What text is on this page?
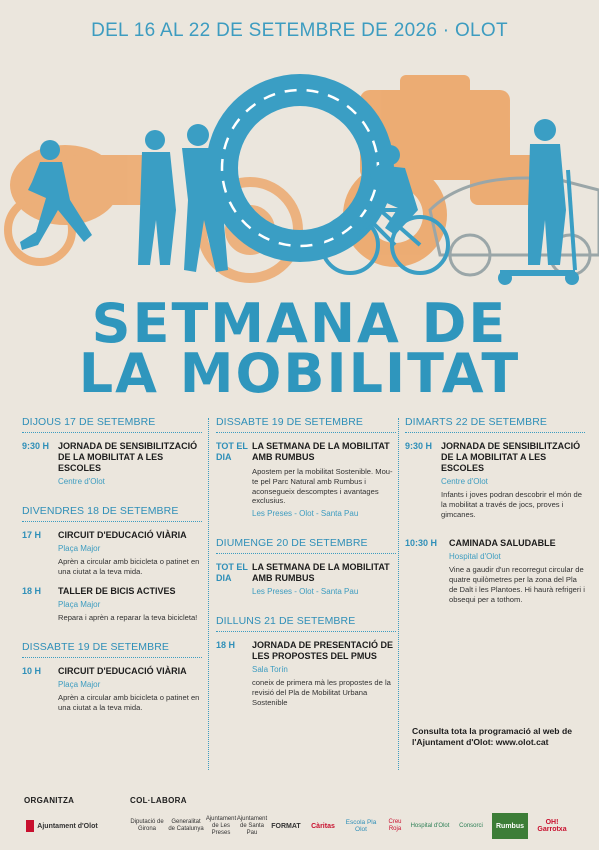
DEL 16 AL 22 DE SETEMBRE DE 2026 · OLOT
SETMANA DE
LA MOBILITAT
DIJOUS 17 DE SETEMBRE
9:30 H JORNADA DE SENSIBILITZACIÓ DE LA MOBILITAT A LES ESCOLES
Centre d'Olot
DIVENDRES 18 DE SETEMBRE
17 H	CIRCUIT D'EDUCACIÓ VIÀRIA
Plaça Major
Aprèn a circular amb bicicleta o patinet en una ciutat a la teva mida.
18 H	TALLER DE BICIS ACTIVES
Plaça Major
Repara i aprèn a reparar la teva bicicleta!
DISSABTE 19 DE SETEMBRE
10 H	CIRCUIT D'EDUCACIÓ VIÀRIA
Plaça Major
Aprèn a circular amb bicicleta o patinet en una ciutat a la teva mida.
DISSABTE 19 DE SETEMBRE
TOT EL DIA
LA SETMANA DE LA MOBILITAT AMB RUMBUS
Apostem per la mobilitat Sostenible. Mou-te pel Parc Natural amb Rumbus i aconsegueix descomptes i avantages exclusius.
Les Preses - Olot - Santa Pau
DIUMENGE 20 DE SETEMBRE
TOT EL DIA
LA SETMANA DE LA MOBILITAT AMB RUMBUS
Les Preses - Olot - Santa Pau
DILLUNS 21 DE SETEMBRE
18 H	JORNADA DE PRESENTACIÓ DE LES PROPOSTES DEL PMUS
Sala Torín
coneix de primera mà les propostes de la revisió del Pla de Mobilitat Urbana Sostenible
DIMARTS 22 DE SETEMBRE
9:30 H JORNADA DE SENSIBILITZACIÓ DE LA MOBILITAT A LES ESCOLES
Centre d'Olot
Infants i joves podran descobrir el món de la mobilitat a través de jocs, proves i gimcanes.
10:30 H	CAMINADA SALUDABLE
Hospital d'Olot
Vine a gaudir d'un recorregut circular de quatre quilòmetres per la zona del Pla de Dalt i les Plantoes. Hi haurà refrigeri i obsequi per a tothom.
Consulta tota la programació al web de l'Ajuntament d'Olot: www.olot.cat
ORGANITZA	COL·LABORA
Ajuntament d'Olot
Diputació de Girona
Generalitat de Catalunya
Ajuntament de Les Preses
Ajuntament de Santa Pau
FORMAT Càritas	Escola Pla Olot
Creu Roja
Hospital d'Olot Consorci Rumbus	OH! Garrotxa
